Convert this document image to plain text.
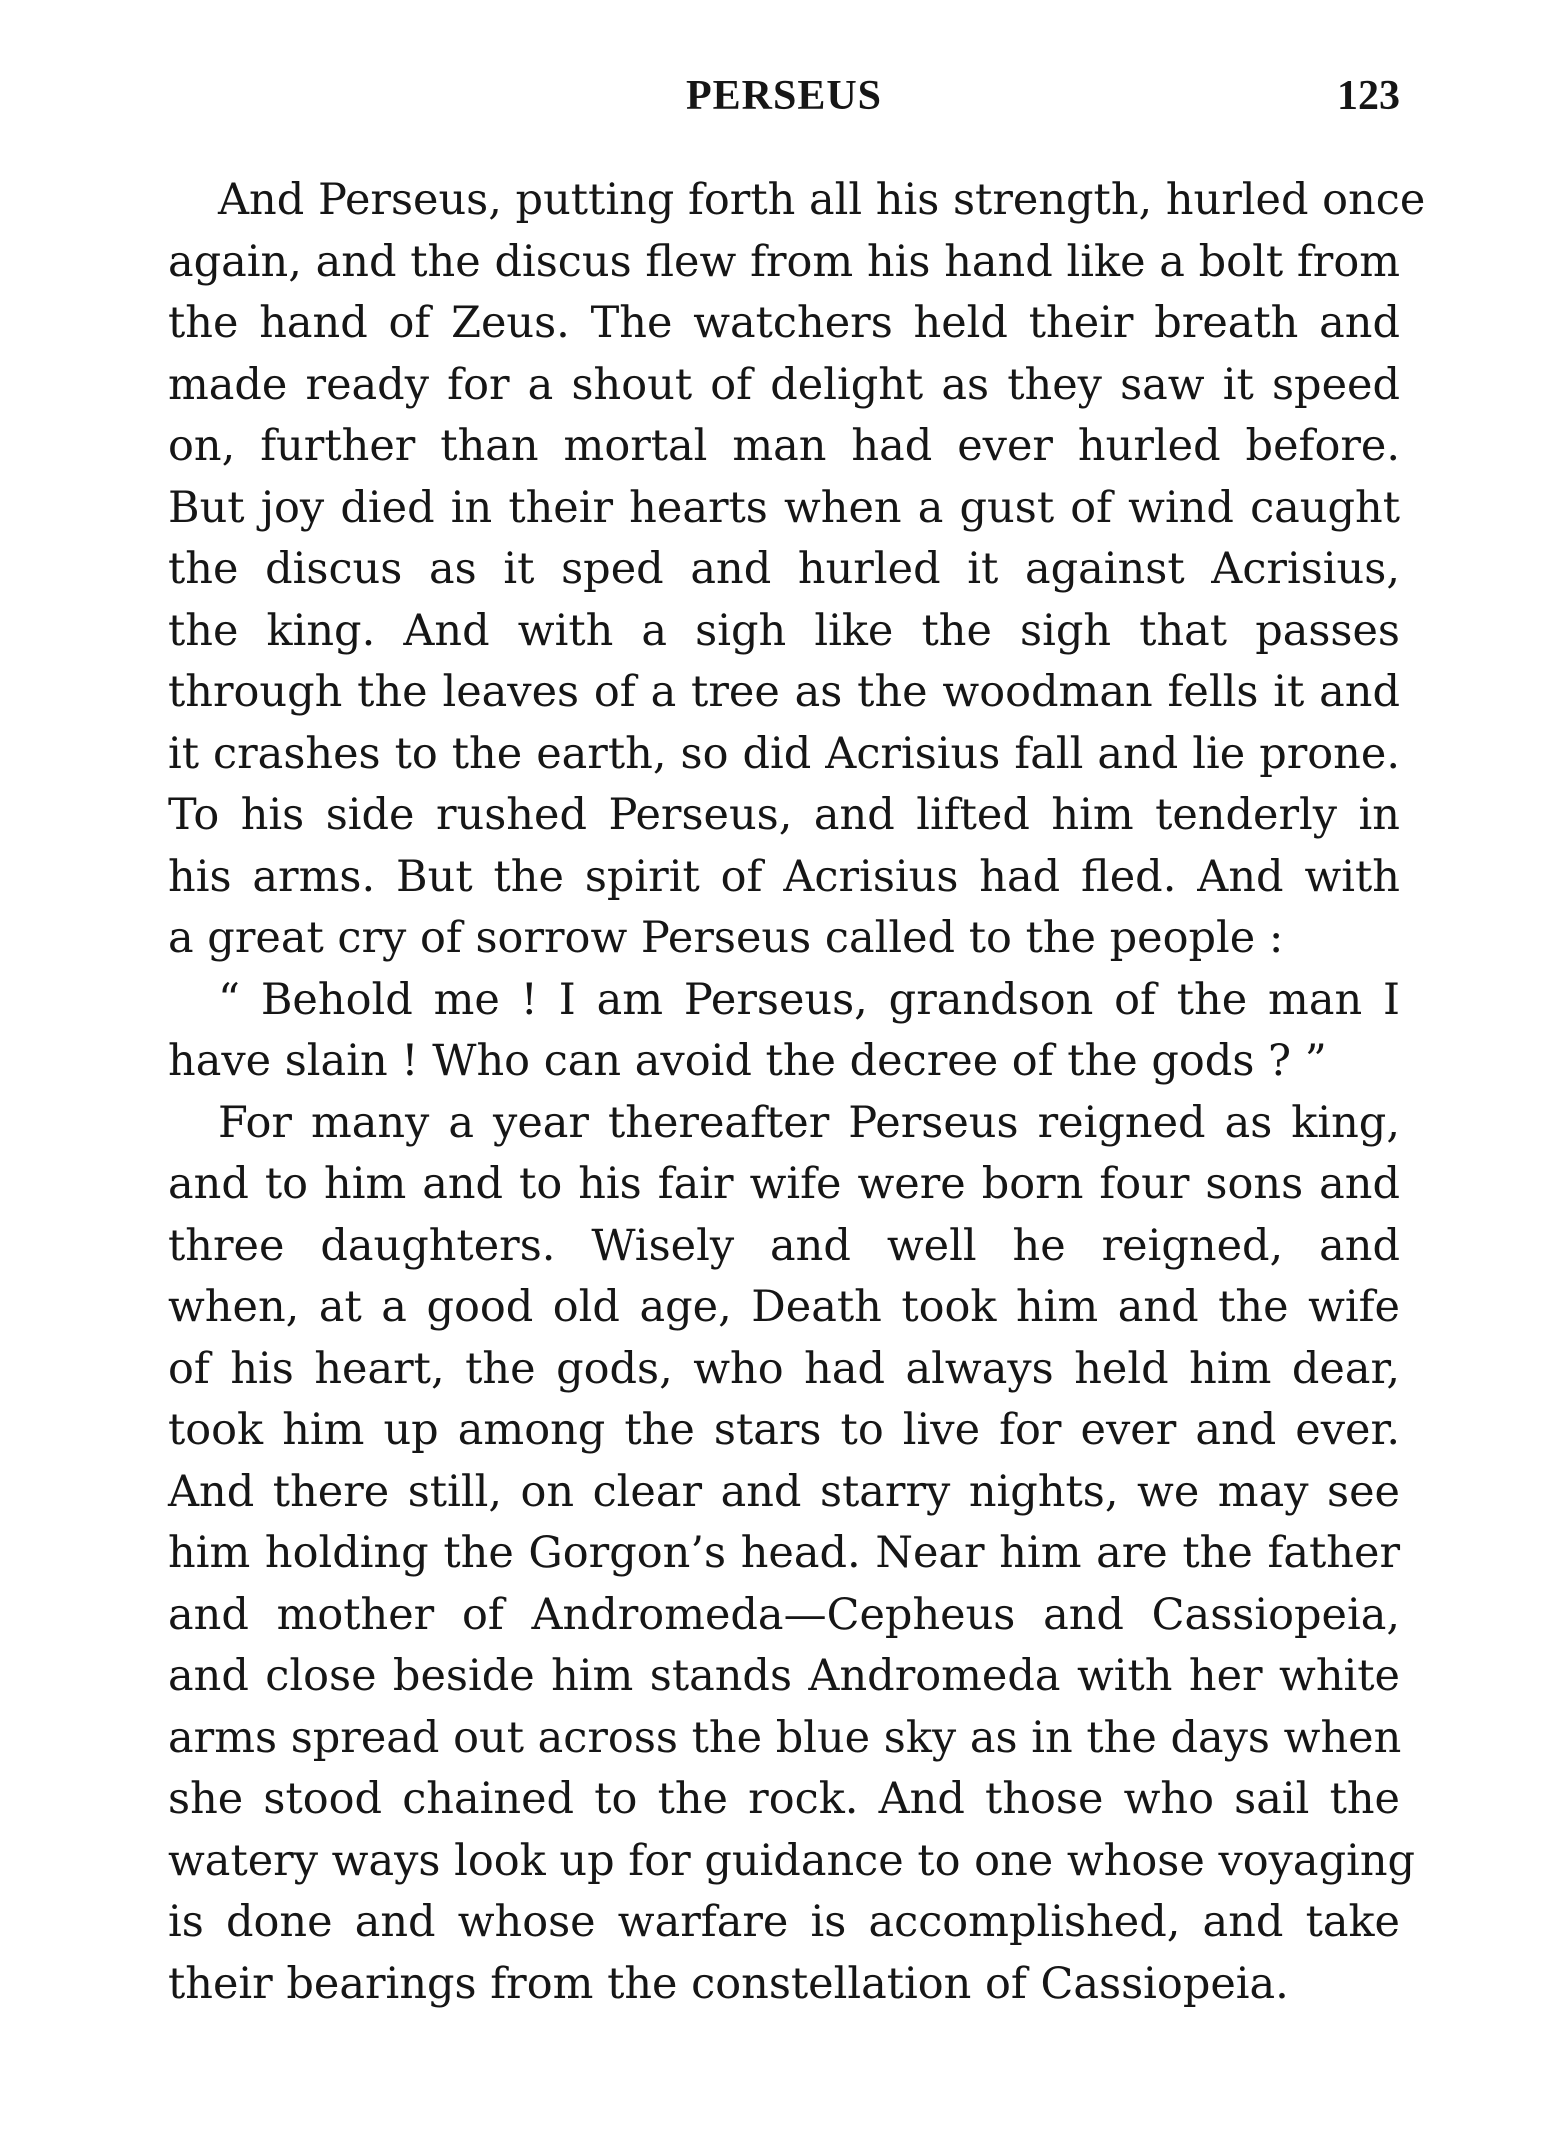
PERSEUS	123
And Perseus, putting forth all his strength, hurled once
again, and the discus flew from his hand like a bolt from
the hand of Zeus. The watchers held their breath and
made ready for a shout of delight as they saw it speed
on, further than mortal man had ever hurled before.
But joy died in their hearts when a gust of wind caught
the discus as it sped and hurled it against Acrisius,
the king. And with a sigh like the sigh that passes
through the leaves of a tree as the woodman fells it and
it crashes to the earth, so did Acrisius fall and lie prone.
To his side rushed Perseus, and lifted him tenderly in
his arms. But the spirit of Acrisius had fled. And with
a great cry of sorrow Perseus called to the people :
“ Behold me ! I am Perseus, grandson of the man I
have slain ! Who can avoid the decree of the gods ? ”
For many a year thereafter Perseus reigned as king,
and to him and to his fair wife were born four sons and
three daughters. Wisely and well he reigned, and
when, at a good old age, Death took him and the wife
of his heart, the gods, who had always held him dear,
took him up among the stars to live for ever and ever.
And there still, on clear and starry nights, we may see
him holding the Gorgon’s head. Near him are the father
and mother of Andromeda—Cepheus and Cassiopeia,
and close beside him stands Andromeda with her white
arms spread out across the blue sky as in the days when
she stood chained to the rock. And those who sail the
watery ways look up for guidance to one whose voyaging
is done and whose warfare is accomplished, and take
their bearings from the constellation of Cassiopeia.
